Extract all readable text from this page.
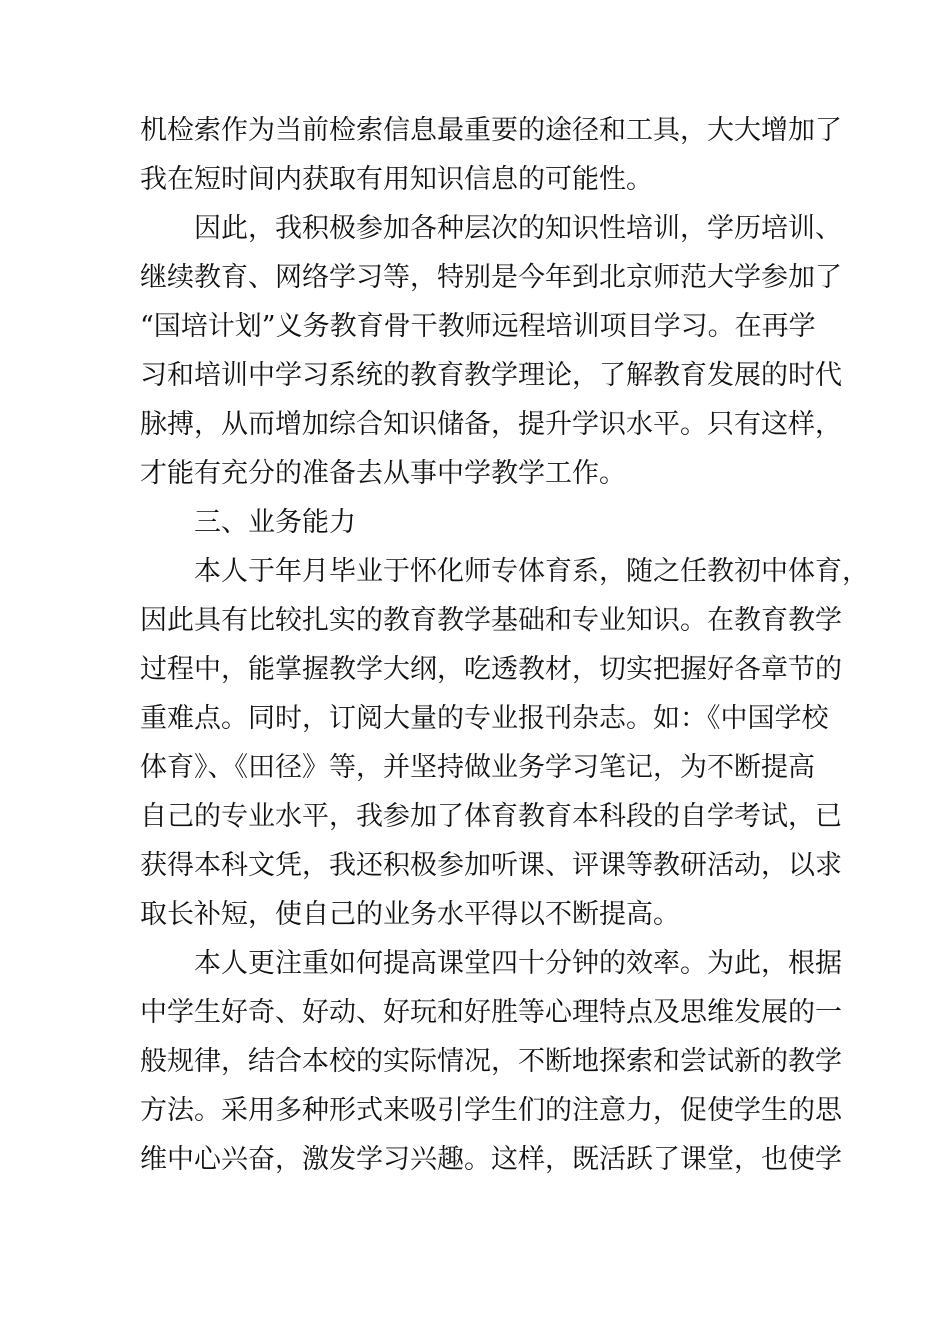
机检索作为当前检索信息最重要的途径和工具，大大增加了
我在短时间内获取有用知识信息的可能性。
因此，我积极参加各种层次的知识性培训，学历培训、
继续教育、网络学习等，特别是今年到北京师范大学参加了
“国培计划”义务教育骨干教师远程培训项目学习。在再学
习和培训中学习系统的教育教学理论，了解教育发展的时代
脉搏，从而增加综合知识储备，提升学识水平。只有这样，
才能有充分的准备去从事中学教学工作。
三、业务能力
本人于年月毕业于怀化师专体育系，随之任教初中体育，
因此具有比较扎实的教育教学基础和专业知识。在教育教学
过程中，能掌握教学大纲，吃透教材，切实把握好各章节的
重难点。同时，订阅大量的专业报刊杂志。如：《中国学校
体育》、《田径》等，并坚持做业务学习笔记，为不断提高
自己的专业水平，我参加了体育教育本科段的自学考试，已
获得本科文凭，我还积极参加听课、评课等教研活动，以求
取长补短，使自己的业务水平得以不断提高。
本人更注重如何提高课堂四十分钟的效率。为此，根据
中学生好奇、好动、好玩和好胜等心理特点及思维发展的一
般规律，结合本校的实际情况，不断地探索和尝试新的教学
方法。采用多种形式来吸引学生们的注意力，促使学生的思
维中心兴奋，激发学习兴趣。这样，既活跃了课堂，也使学
